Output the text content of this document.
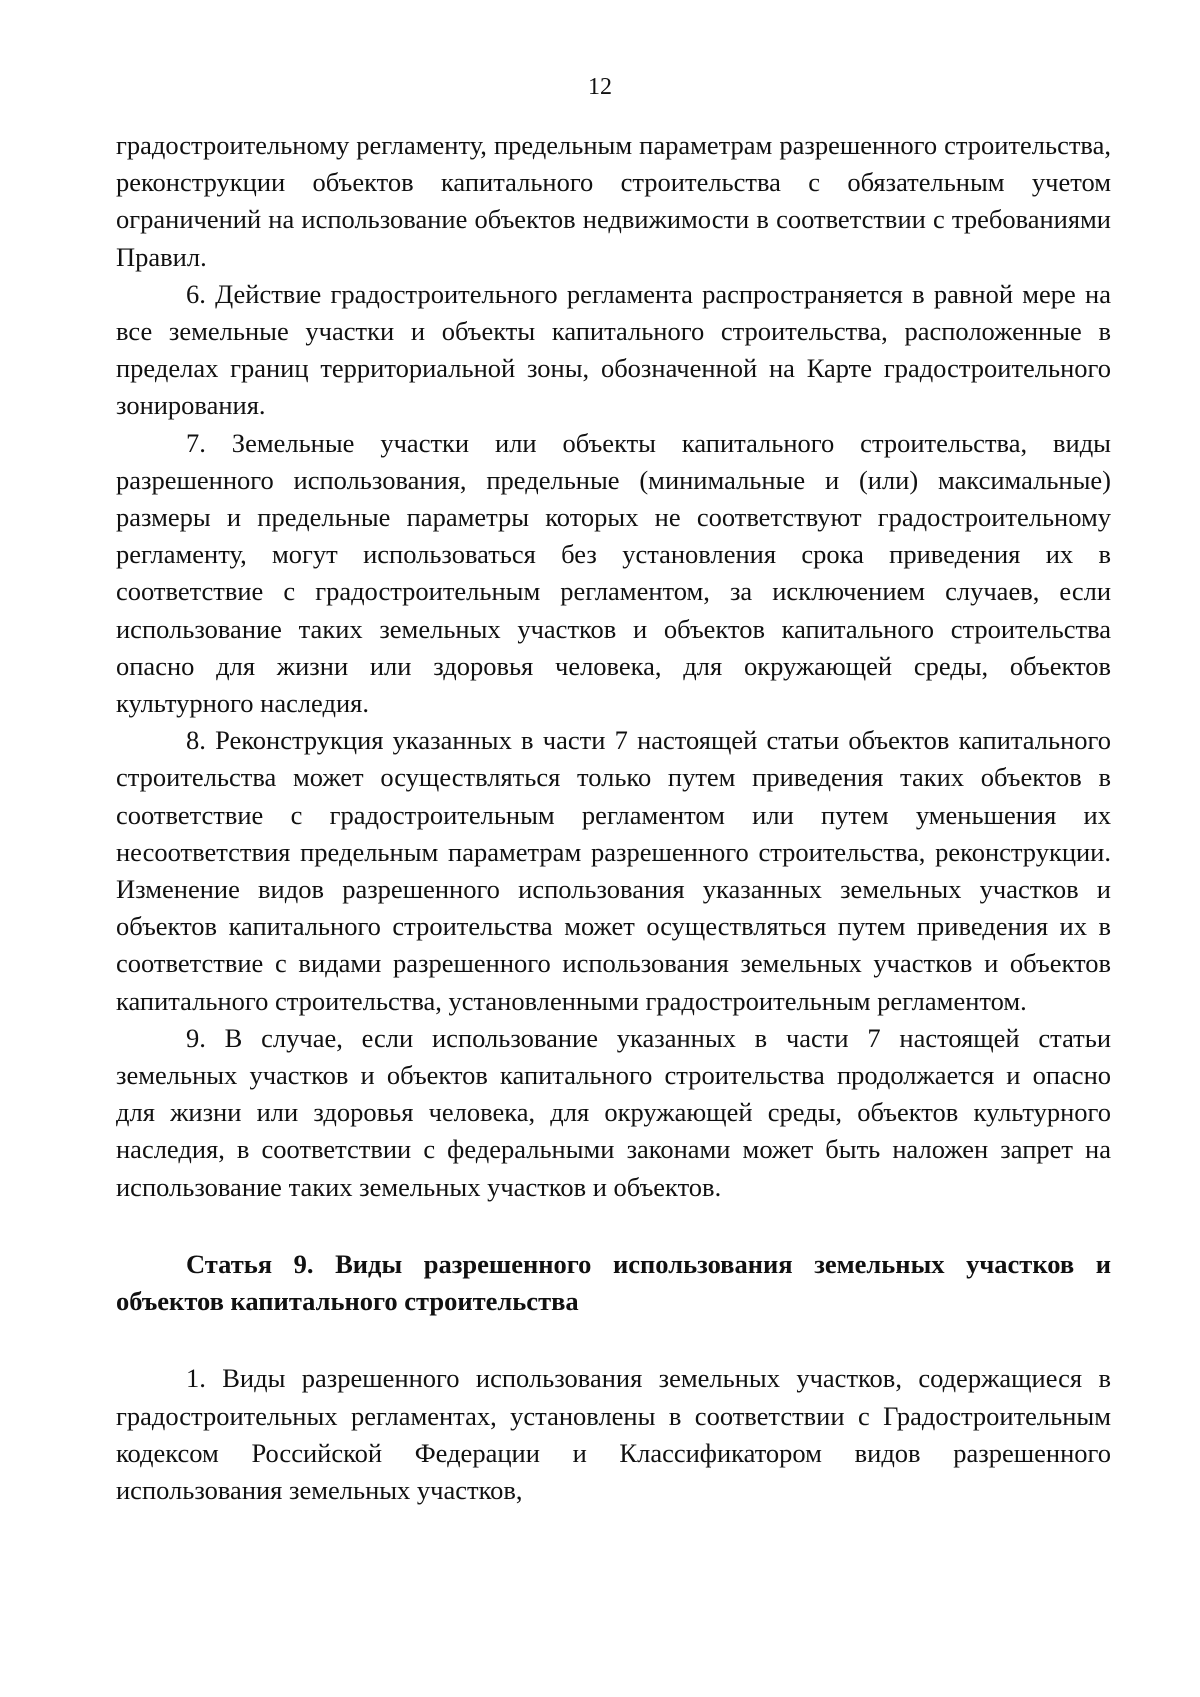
12

градостроительному регламенту, предельным параметрам разрешенного строительства, реконструкции объектов капитального строительства с обязательным учетом ограничений на использование объектов недвижимости в соответствии с требованиями Правил.

6. Действие градостроительного регламента распространяется в равной мере на все земельные участки и объекты капитального строительства, расположенные в пределах границ территориальной зоны, обозначенной на Карте градостроительного зонирования.

7. Земельные участки или объекты капитального строительства, виды разрешенного использования, предельные (минимальные и (или) максимальные) размеры и предельные параметры которых не соответствуют градостроительному регламенту, могут использоваться без установления срока приведения их в соответствие с градостроительным регламентом, за исключением случаев, если использование таких земельных участков и объектов капитального строительства опасно для жизни или здоровья человека, для окружающей среды, объектов культурного наследия.

8. Реконструкция указанных в части 7 настоящей статьи объектов капитального строительства может осуществляться только путем приведения таких объектов в соответствие с градостроительным регламентом или путем уменьшения их несоответствия предельным параметрам разрешенного строительства, реконструкции. Изменение видов разрешенного использования указанных земельных участков и объектов капитального строительства может осуществляться путем приведения их в соответствие с видами разрешенного использования земельных участков и объектов капитального строительства, установленными градостроительным регламентом.

9. В случае, если использование указанных в части 7 настоящей статьи земельных участков и объектов капитального строительства продолжается и опасно для жизни или здоровья человека, для окружающей среды, объектов культурного наследия, в соответствии с федеральными законами может быть наложен запрет на использование таких земельных участков и объектов.

Статья 9. Виды разрешенного использования земельных участков и объектов капитального строительства

1. Виды разрешенного использования земельных участков, содержащиеся в градостроительных регламентах, установлены в соответствии с Градостроительным кодексом Российской Федерации и Классификатором видов разрешенного использования земельных участков,
